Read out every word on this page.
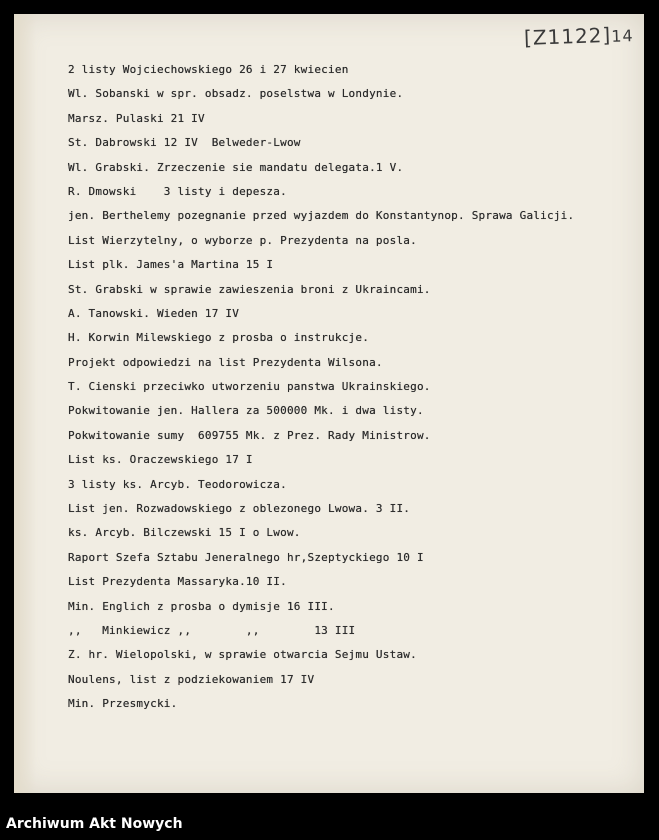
[Z1122]14
2 listy Wojciechowskiego 26 i 27 kwiecien
Wl. Sobanski w spr. obsadz. poselstwa w Londynie.
Marsz. Pulaski 21 IV
St. Dabrowski 12 IV  Belweder-Lwow
Wl. Grabski. Zrzeczenie sie mandatu delegata.1 V.
R. Dmowski    3 listy i depesza.
jen. Berthelemy pozegnanie przed wyjazdem do Konstantynop. Sprawa Galicji.
List Wierzytelny, o wyborze p. Prezydenta na posla.
List plk. James'a Martina 15 I
St. Grabski w sprawie zawieszenia broni z Ukraincami.
A. Tanowski. Wieden 17 IV
H. Korwin Milewskiego z prosba o instrukcje.
Projekt odpowiedzi na list Prezydenta Wilsona.
T. Cienski przeciwko utworzeniu panstwa Ukrainskiego.
Pokwitowanie jen. Hallera za 500000 Mk. i dwa listy.
Pokwitowanie sumy  609755 Mk. z Prez. Rady Ministrow.
List ks. Oraczewskiego 17 I
3 listy ks. Arcyb. Teodorowicza.
List jen. Rozwadowskiego z oblezonego Lwowa. 3 II.
ks. Arcyb. Bilczewski 15 I o Lwow.
Raport Szefa Sztabu Jeneralnego hr,Szeptyckiego 10 I
List Prezydenta Massaryka.10 II.
Min. Englich z prosba o dymisje 16 III.
,,   Minkiewicz ,,        ,,        13 III
Z. hr. Wielopolski, w sprawie otwarcia Sejmu Ustaw.
Noulens, list z podziekowaniem 17 IV
Min. Przesmycki.
Archiwum Akt Nowych
